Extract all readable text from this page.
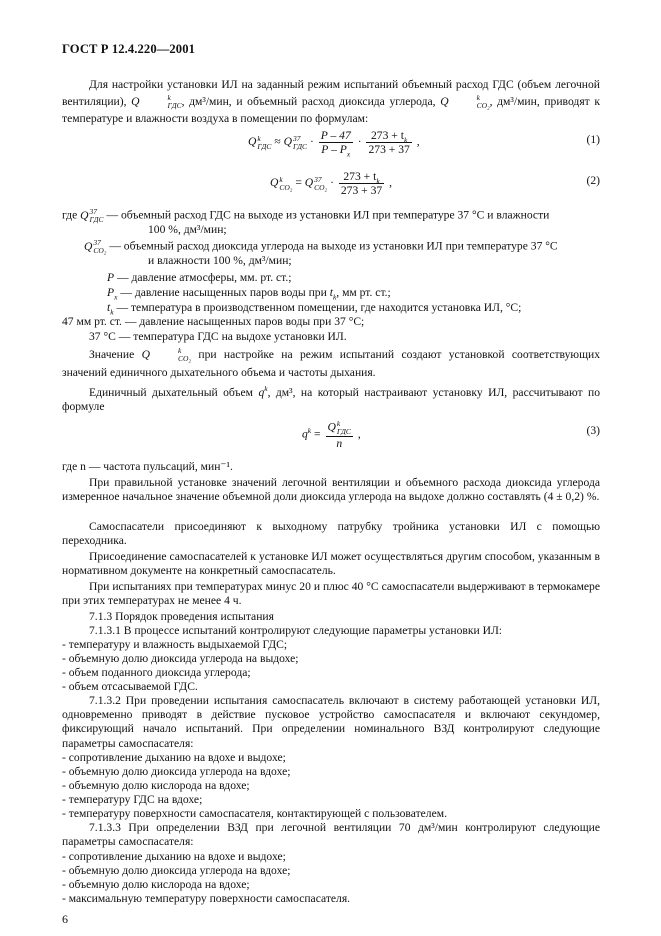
ГОСТ Р 12.4.220—2001
Для настройки установки ИЛ на заданный режим испытаний объемный расход ГДС (объем легочной вентиляции), Q	k
ГДС , дм³/мин, и объемный расход диоксида углерода, Q	k
CO₂ , дм³/мин, приводят к температуре и влажности воздуха в помещении по формулам:
Q k
ГДС ≈ Q 37
ГДС · $\frac{P - 47}{P - P_x} \cdot \frac{273 + t_k}{273 + 37}$ ,	(1)
Q k
CO₂ = Q 37
$CO_2 \cdot \frac{273 + t_k}{273 + 37}$ ,	(2)
где Q 37
ГДС — объемный расход ГДС на выходе из установки ИЛ при температуре 37 °С и влажности
100 %, дм³/мин;
Q 37
CO₂ — объемный расход диоксида углерода на выходе из установки ИЛ при температуре 37 °С
и влажности 100 %, дм³/мин;
P — давление атмосферы, мм. рт. ст.;
$P_x$ — давление насыщенных паров воды при $t_k$, мм рт. ст.;
$t_k$ — температура в производственном помещении, где находится установка ИЛ, °С;
47 мм рт. ст. — давление насыщенных паров воды при 37 °С;
37 °С — температура ГДС на выдохе установки ИЛ.
Значение Q	k
CO₂ при настройке на режим испытаний создают установкой соответствующих значений единичного дыхательного объема и частоты дыхания.
Единичный дыхательный объем $q^k$, дм³, на который настраивают установку ИЛ, рассчитывают по формуле
$q^k = Q$ k
ГДС
n ,	(3)
где n — частота пульсаций, мин⁻¹.
При правильной установке значений легочной вентиляции и объемного расхода диоксида углерода измеренное начальное значение объемной доли диоксида углерода на выдохе должно составлять (4 ± 0,2) %.
Самоспасатели присоединяют к выходному патрубку тройника установки ИЛ с помощью переходника.
Присоединение самоспасателей к установке ИЛ может осуществляться другим способом, указанным в нормативном документе на конкретный самоспасатель.
При испытаниях при температурах минус 20 и плюс 40 °С самоспасатели выдерживают в термокамере при этих температурах не менее 4 ч.
7.1.3 Порядок проведения испытания
7.1.3.1 В процессе испытаний контролируют следующие параметры установки ИЛ:
- температуру и влажность выдыхаемой ГДС;
- объемную долю диоксида углерода на выдохе;
- объем поданного диоксида углерода;
- объем отсасываемой ГДС.
7.1.3.2 При проведении испытания самоспасатель включают в систему работающей установки ИЛ, одновременно приводят в действие пусковое устройство самоспасателя и включают секундомер, фиксирующий начало испытаний. При определении номинального ВЗД контролируют следующие параметры самоспасателя:
- сопротивление дыханию на вдохе и выдохе;
- объемную долю диоксида углерода на вдохе;
- объемную долю кислорода на вдохе;
- температуру ГДС на вдохе;
- температуру поверхности самоспасателя, контактирующей с пользователем.
7.1.3.3 При определении ВЗД при легочной вентиляции 70 дм³/мин контролируют следующие параметры самоспасателя:
- сопротивление дыханию на вдохе и выдохе;
- объемную долю диоксида углерода на вдохе;
- объемную долю кислорода на вдохе;
- максимальную температуру поверхности самоспасателя.
6
